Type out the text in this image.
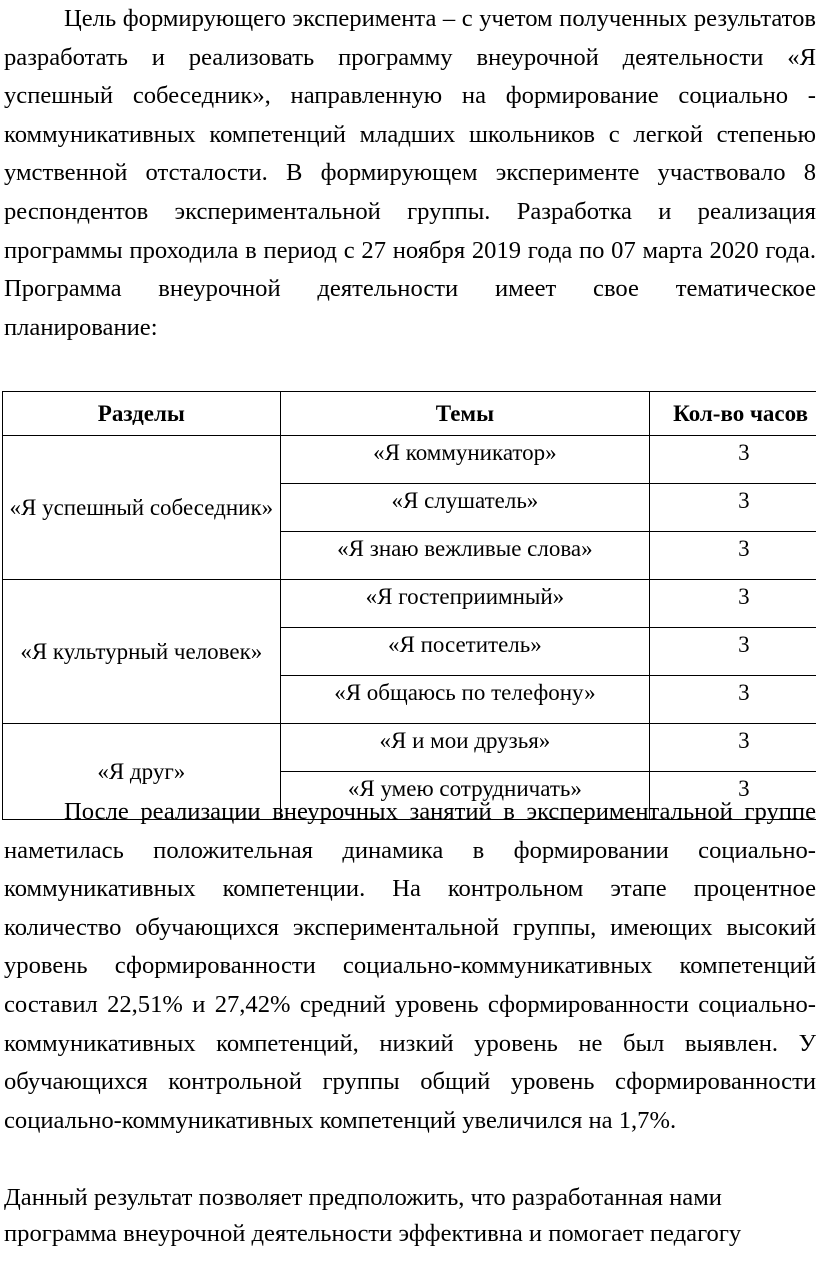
Цель формирующего эксперимента – с учетом полученных результатов разработать и реализовать программу внеурочной деятельности «Я успешный собеседник», направленную на формирование социально - коммуникативных компетенций младших школьников с легкой степенью умственной отсталости. В формирующем эксперименте участвовало 8 респондентов экспериментальной группы. Разработка и реализация программы проходила в период с 27 ноября 2019 года по 07 марта 2020 года. Программа внеурочной деятельности имеет свое тематическое планирование:

Разделы	Темы	Кол-во часов
«Я успешный собеседник»	«Я коммуникатор»	3
	«Я слушатель»	3
	«Я знаю вежливые слова»	3
«Я культурный человек»	«Я гостеприимный»	3
	«Я посетитель»	3
	«Я общаюсь по телефону»	3
«Я друг»	«Я и мои друзья»	3
	«Я умею сотрудничать»	3

После реализации внеурочных занятий в экспериментальной группе наметилась положительная динамика в формировании социально-коммуникативных компетенции. На контрольном этапе процентное количество обучающихся экспериментальной группы, имеющих высокий уровень сформированности социально-коммуникативных компетенций составил 22,51% и 27,42% средний уровень сформированности социально-коммуникативных компетенций, низкий уровень не был выявлен. У обучающихся контрольной группы общий уровень сформированности социально-коммуникативных компетенций увеличился на 1,7%.

Данный результат позволяет предположить, что разработанная нами программа внеурочной деятельности эффективна и помогает педагогу
